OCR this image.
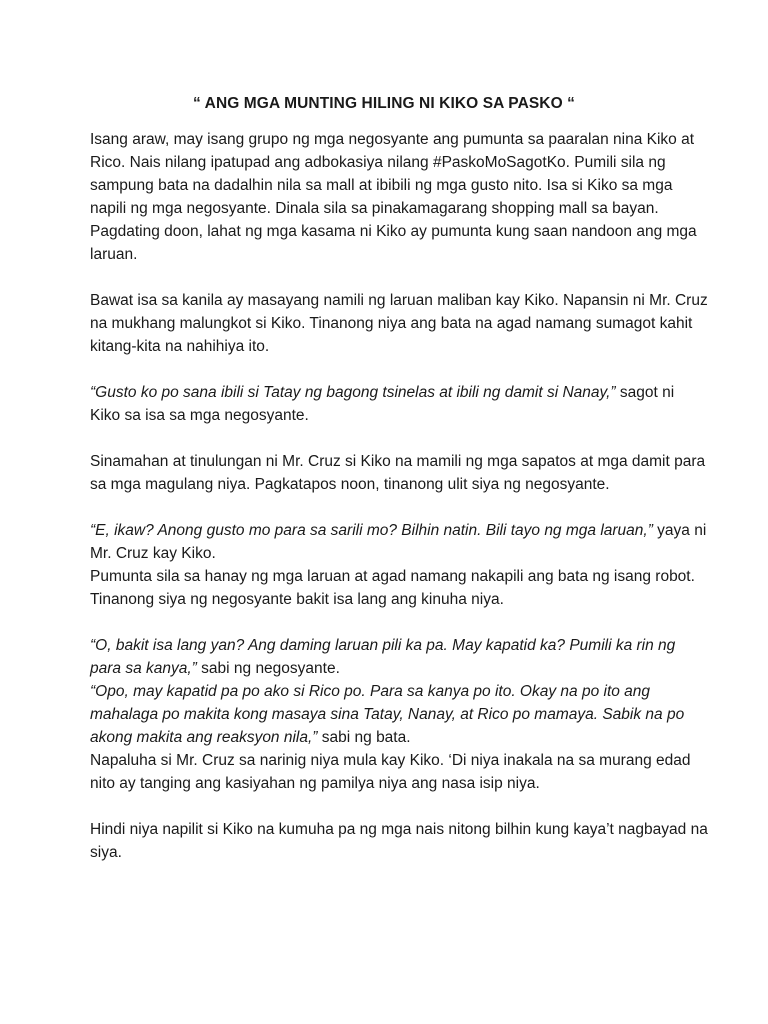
“ ANG MGA MUNTING HILING NI KIKO SA PASKO “

Isang araw, may isang grupo ng mga negosyante ang pumunta sa paaralan nina Kiko at Rico. Nais nilang ipatupad ang adbokasiya nilang #PaskoMoSagotKo. Pumili sila ng sampung bata na dadalhin nila sa mall at ibibili ng mga gusto nito. Isa si Kiko sa mga napili ng mga negosyante. Dinala sila sa pinakamagarang shopping mall sa bayan. Pagdating doon, lahat ng mga kasama ni Kiko ay pumunta kung saan nandoon ang mga laruan.

Bawat isa sa kanila ay masayang namili ng laruan maliban kay Kiko. Napansin ni Mr. Cruz na mukhang malungkot si Kiko. Tinanong niya ang bata na agad namang sumagot kahit kitang-kita na nahihiya ito.

“Gusto ko po sana ibili si Tatay ng bagong tsinelas at ibili ng damit si Nanay,” sagot ni Kiko sa isa sa mga negosyante.

Sinamahan at tinulungan ni Mr. Cruz si Kiko na mamili ng mga sapatos at mga damit para sa mga magulang niya. Pagkatapos noon, tinanong ulit siya ng negosyante.

“E, ikaw? Anong gusto mo para sa sarili mo? Bilhin natin. Bili tayo ng mga laruan,” yaya ni Mr. Cruz kay Kiko.

Pumunta sila sa hanay ng mga laruan at agad namang nakapili ang bata ng isang robot. Tinanong siya ng negosyante bakit isa lang ang kinuha niya.

“O, bakit isa lang yan? Ang daming laruan pili ka pa. May kapatid ka? Pumili ka rin ng para sa kanya,” sabi ng negosyante.

“Opo, may kapatid pa po ako si Rico po. Para sa kanya po ito. Okay na po ito ang mahalaga po makita kong masaya sina Tatay, Nanay, at Rico po mamaya. Sabik na po akong makita ang reaksyon nila,” sabi ng bata.

Napaluha si Mr. Cruz sa narinig niya mula kay Kiko. ‘Di niya inakala na sa murang edad nito ay tanging ang kasiyahan ng pamilya niya ang nasa isip niya.

Hindi niya napilit si Kiko na kumuha pa ng mga nais nitong bilhin kung kaya’t nagbayad na siya.
